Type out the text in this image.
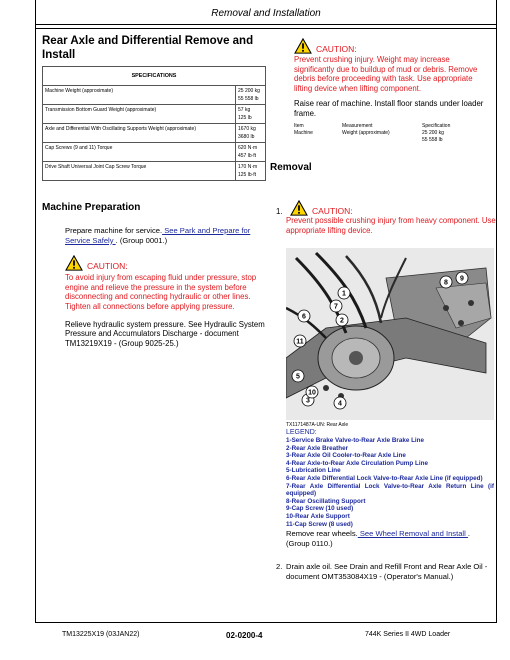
Removal and Installation
Rear Axle and Differential Remove and Install
SPECIFICATIONS	
Machine Weight (approximate)	25 200 kg
55 558 lb

Transmission Bottom Guard Weight (approximate)	57 kg
125 lb

Axle and Differential With Oscillating Supports Weight (approximate)	1670 kg
3680 lb

Cap Screws (9 and 11) Torque	620 N·m
457 lb·ft

Drive Shaft Universal Joint Cap Screw Torque	170 N·m
125 lb·ft
Machine Preparation

Prepare machine for service. See Park and Prepare for Service Safely . (Group 0001.)

CAUTION:

To avoid injury from escaping fluid under pressure, stop engine and relieve the pressure in the system before disconnecting and connecting hydraulic or other lines. Tighten all connections before applying pressure.

Relieve hydraulic system pressure. See Hydraulic System Pressure and Accumulators Discharge - document TM13219X19 - (Group 9025-25.)

CAUTION:

Prevent crushing injury. Weight may increase significantly due to buildup of mud or debris. Remove debris before proceeding with task. Use appropriate lifting device when lifting component.

Raise rear of machine. Install floor stands under loader frame.

Item	Measurement	Specification
Machine	Weight (approximate)	25 200 kg
55 558 lb
Removal
1.	CAUTION:

Prevent possible crushing injury from heavy component. Use appropriate lifting device.

1
2
3	4
5
6
7
8
9
10
11
TX1171487A-UN: Rear Axle
LEGEND:
1-Service Brake Valve-to-Rear Axle Brake Line
2-Rear Axle Breather
3-Rear Axle Oil Cooler-to-Rear Axle Line
4-Rear Axle-to-Rear Axle Circulation Pump Line
5-Lubrication Line
6-Rear Axle Differential Lock Valve-to-Rear Axle Line (if equipped)
7-Rear Axle Differential Lock Valve-to-Rear Axle Return Line (if equipped)
8-Rear Oscillating Support
9-Cap Screw (10 used)
10-Rear Axle Support
11-Cap Screw (8 used)

Remove rear wheels. See Wheel Removal and Install . (Group 0110.)

2. Drain axle oil. See Drain and Refill Front and Rear Axle Oil - document OMT353084X19 - (Operator's Manual.)

TM13225X19 (03JAN22)	02-0200-4	744K Series II 4WD Loader
